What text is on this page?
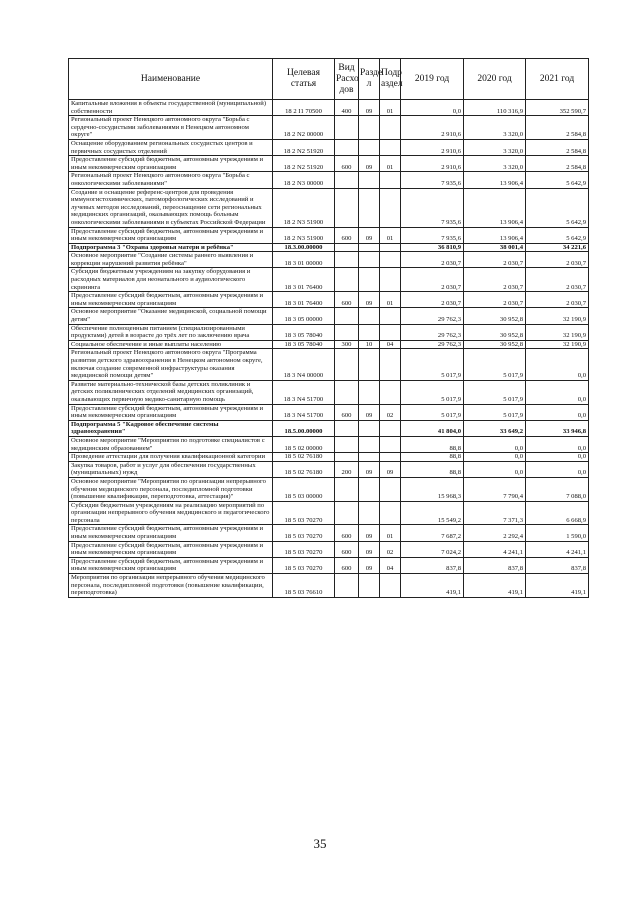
Наименование	Целевая статья	Вид Расхо дов	Разде л	Подр аздел	2019 год	2020 год	2021 год
Капитальные вложения в объекты государственной (муниципальной) собственности	18 2 I1 70500	400	09	01	0,0	110 316,9	352 590,7
Региональный проект Ненецкого автономного округа "Борьба с сердечно-сосудистыми заболеваниями в Ненецком автономном округе"	18 2 N2 00000				2 910,6	3 320,0	2 584,8
Оснащение оборудованием региональных сосудистых центров и первичных сосудистых отделений	18 2 N2 51920				2 910,6	3 320,0	2 584,8
Предоставление субсидий бюджетным, автономным учреждениям и иным некоммерческим организациям	18 2 N2 51920	600	09	01	2 910,6	3 320,0	2 584,8
Региональный проект Ненецкого автономного округа "Борьба с онкологическими заболеваниями"	18 2 N3 00000				7 935,6	13 906,4	5 642,9
Создание и оснащение референс-центров для проведения иммуногистохимических, патоморфологических исследований и лучевых методов исследований, переоснащение сети региональных медицинских организаций, оказывающих помощь больным онкологическими заболеваниями в субъектах Российской Федерации	18 2 N3 51900				7 935,6	13 906,4	5 642,9
Предоставление субсидий бюджетным, автономным учреждениям и иным некоммерческим организациям	18 2 N3 51900	600	09	01	7 935,6	13 906,4	5 642,9
Подпрограмма 3 "Охрана здоровья матери и ребёнка"	18.3.00.00000				36 810,9	38 001,4	34 221,6
Основное мероприятие "Создание системы раннего выявления и коррекции нарушений развития ребёнка"	18 3 01 00000				2 030,7	2 030,7	2 030,7
Субсидия бюджетным учреждениям на закупку оборудования и расходных материалов для неонатального и аудиологического скрининга	18 3 01 76400				2 030,7	2 030,7	2 030,7
Предоставление субсидий бюджетным, автономным учреждениям и иным некоммерческим организациям	18 3 01 76400	600	09	01	2 030,7	2 030,7	2 030,7
Основное мероприятие "Оказание медицинской, социальной помощи детям"	18 3 05 00000				29 762,3	30 952,8	32 190,9
Обеспечение полноценным питанием (специализированными продуктами) детей в возрасте до трёх лет по заключению врача	18 3 05 78040				29 762,3	30 952,8	32 190,9
Социальное обеспечение и иные выплаты населению	18 3 05 78040	300	10	04	29 762,3	30 952,8	32 190,9
Региональный проект Ненецкого автономного округа "Программа развития детского здравоохранения в Ненецком автономном округе, включая создание современной инфраструктуры оказания медицинской помощи детям"	18 3 N4 00000				5 017,9	5 017,9	0,0
Развитие материально-технической базы детских поликлиник и детских поликлинических отделений медицинских организаций, оказывающих первичную медико-санитарную помощь	18 3 N4 51700				5 017,9	5 017,9	0,0
Предоставление субсидий бюджетным, автономным учреждениям и иным некоммерческим организациям	18 3 N4 51700	600	09	02	5 017,9	5 017,9	0,0
Подпрограмма 5 "Кадровое обеспечение системы здравоохранения"	18.5.00.00000				41 804,0	33 649,2	33 946,8
Основное мероприятие "Мероприятия по подготовке специалистов с медицинским образованием"	18 5 02 00000				88,8	0,0	0,0
Проведение аттестации для получения квалификационной категории	18 5 02 76180				88,8	0,0	0,0
Закупка товаров, работ и услуг для обеспечения государственных (муниципальных) нужд	18 5 02 76180	200	09	09	88,8	0,0	0,0
Основное мероприятие "Мероприятия по организации непрерывного обучения медицинского персонала, последипломной подготовки (повышение квалификации, переподготовка, аттестация)"	18 5 03 00000				15 968,3	7 790,4	7 088,0
Субсидии бюджетным учреждениям на реализацию мероприятий по организации непрерывного обучения медицинского и педагогического персонала	18 5 03 70270				15 549,2	7 371,3	6 668,9
Предоставление субсидий бюджетным, автономным учреждениям и иным некоммерческим организациям	18 5 03 70270	600	09	01	7 687,2	2 292,4	1 590,0
Предоставление субсидий бюджетным, автономным учреждениям и иным некоммерческим организациям	18 5 03 70270	600	09	02	7 024,2	4 241,1	4 241,1
Предоставление субсидий бюджетным, автономным учреждениям и иным некоммерческим организациям	18 5 03 70270	600	09	04	837,8	837,8	837,8
Мероприятия по организации непрерывного обучения медицинского персонала, последипломной подготовки (повышение квалификации, переподготовка)	18 5 03 76610				419,1	419,1	419,1
35
